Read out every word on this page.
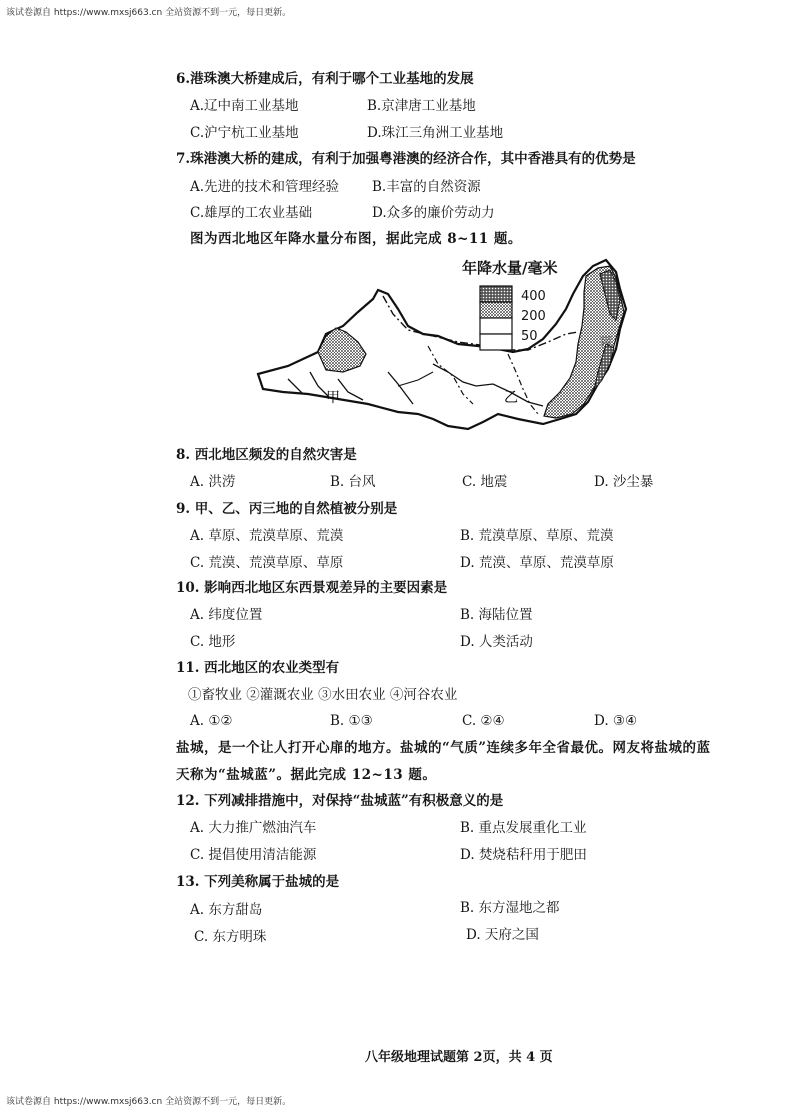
该试卷源自 https://www.mxsj663.cn 全站资源不到一元，每日更新。
6.港珠澳大桥建成后，有利于哪个工业基地的发展
A.辽中南工业基地	B.京津唐工业基地
C.沪宁杭工业基地	D.珠江三角洲工业基地
7.珠港澳大桥的建成，有利于加强粤港澳的经济合作，其中香港具有的优势是
A.先进的技术和管理经验 B.丰富的自然资源
C.雄厚的工农业基础	D.众多的廉价劳动力
图为西北地区年降水量分布图，据此完成 8~11 题。
年降水量/毫米
甲	乙
丙
400
200
50
8. 西北地区频发的自然灾害是
A. 洪涝	B. 台风	C. 地震	D. 沙尘暴
9. 甲、乙、丙三地的自然植被分别是
A. 草原、荒漠草原、荒漠	B. 荒漠草原、草原、荒漠
C. 荒漠、荒漠草原、草原	D. 荒漠、草原、荒漠草原
10. 影响西北地区东西景观差异的主要因素是
A. 纬度位置	B. 海陆位置
C. 地形	D. 人类活动
11. 西北地区的农业类型有
①畜牧业 ②灌溉农业 ③水田农业 ④河谷农业
A. ①②	B. ①③	C. ②④	D. ③④
盐城，是一个让人打开心扉的地方。盐城的“气质”连续多年全省最优。网友将盐城的蓝
天称为“盐城蓝”。据此完成 12~13 题。
12. 下列减排措施中，对保持“盐城蓝”有积极意义的是
A. 大力推广燃油汽车	B. 重点发展重化工业
C. 提倡使用清洁能源	D. 焚烧秸秆用于肥田
13. 下列美称属于盐城的是
A. 东方甜岛	B. 东方湿地之都
C. 东方明珠	D. 天府之国
八年级地理试题第 2页，共 4 页
该试卷源自 https://www.mxsj663.cn 全站资源不到一元，每日更新。
